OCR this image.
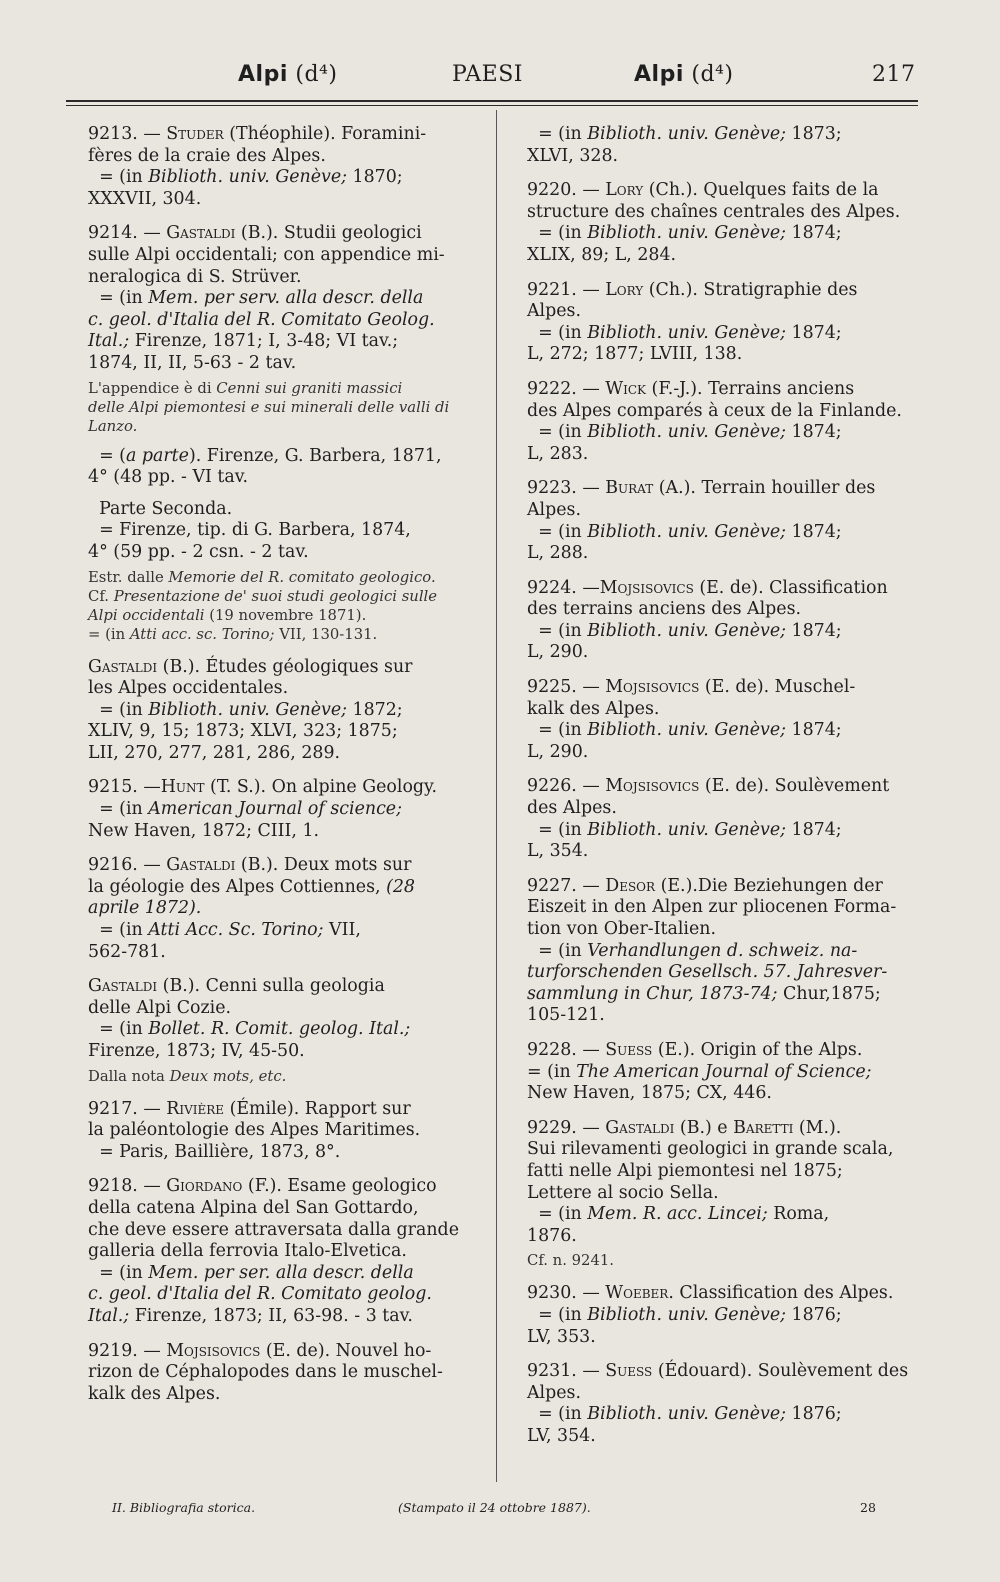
Alpi (d⁴)	PAESI	Alpi (d⁴)	217

9213. — Studer (Théophile). Foramini-

fères de la craie des Alpes.

= (in Biblioth. univ. Genève; 1870;

XXXVII, 304.

9214. — Gastaldi (B.). Studii geologici

sulle Alpi occidentali; con appendice mi-

neralogica di S. Strüver.

= (in Mem. per serv. alla descr. della

c. geol. d'Italia del R. Comitato Geolog.

Ital.; Firenze, 1871; I, 3-48; VI tav.;

1874, II, II, 5-63 - 2 tav.

L'appendice è di Cenni sui graniti massici

delle Alpi piemontesi e sui minerali delle valli di

Lanzo.

= (a parte). Firenze, G. Barbera, 1871,

4° (48 pp. - VI tav.

Parte Seconda.

= Firenze, tip. di G. Barbera, 1874,

4° (59 pp. - 2 csn. - 2 tav.

Estr. dalle Memorie del R. comitato geologico.

Cf. Presentazione de' suoi studi geologici sulle

Alpi occidentali (19 novembre 1871).

= (in Atti acc. sc. Torino; VII, 130-131.

Gastaldi (B.). Études géologiques sur

les Alpes occidentales.

= (in Biblioth. univ. Genève; 1872;

XLIV, 9, 15; 1873; XLVI, 323; 1875;

LII, 270, 277, 281, 286, 289.

9215. —Hunt (T. S.). On alpine Geology.

= (in American Journal of science;

New Haven, 1872; CIII, 1.

9216. — Gastaldi (B.). Deux mots sur

la géologie des Alpes Cottiennes, (28

aprile 1872).

= (in Atti Acc. Sc. Torino; VII,

562-781.

Gastaldi (B.). Cenni sulla geologia

delle Alpi Cozie.

= (in Bollet. R. Comit. geolog. Ital.;

Firenze, 1873; IV, 45-50.

Dalla nota Deux mots, etc.

9217. — Rivière (Émile). Rapport sur

la paléontologie des Alpes Maritimes.

= Paris, Baillière, 1873, 8°.

9218. — Giordano (F.). Esame geologico

della catena Alpina del San Gottardo,

che deve essere attraversata dalla grande

galleria della ferrovia Italo-Elvetica.

= (in Mem. per ser. alla descr. della

c. geol. d'Italia del R. Comitato geolog.

Ital.; Firenze, 1873; II, 63-98. - 3 tav.

9219. — Mojsisovics (E. de). Nouvel ho-

rizon de Céphalopodes dans le muschel-

kalk des Alpes.

= (in Biblioth. univ. Genève; 1873;

XLVI, 328.

9220. — Lory (Ch.). Quelques faits de la

structure des chaînes centrales des Alpes.

= (in Biblioth. univ. Genève; 1874;

XLIX, 89; L, 284.

9221. — Lory (Ch.). Stratigraphie des

Alpes.

= (in Biblioth. univ. Genève; 1874;

L, 272; 1877; LVIII, 138.

9222. — Wick (F.-J.). Terrains anciens

des Alpes comparés à ceux de la Finlande.

= (in Biblioth. univ. Genève; 1874;

L, 283.

9223. — Burat (A.). Terrain houiller des

Alpes.

= (in Biblioth. univ. Genève; 1874;

L, 288.

9224. —Mojsisovics (E. de). Classification

des terrains anciens des Alpes.

= (in Biblioth. univ. Genève; 1874;

L, 290.

9225. — Mojsisovics (E. de). Muschel-

kalk des Alpes.

= (in Biblioth. univ. Genève; 1874;

L, 290.

9226. — Mojsisovics (E. de). Soulèvement

des Alpes.

= (in Biblioth. univ. Genève; 1874;

L, 354.

9227. — Desor (E.).Die Beziehungen der

Eiszeit in den Alpen zur pliocenen Forma-

tion von Ober-Italien.

= (in Verhandlungen d. schweiz. na-

turforschenden Gesellsch. 57. Jahresver-

sammlung in Chur, 1873-74; Chur,1875;

105-121.

9228. — Suess (E.). Origin of the Alps.

= (in The American Journal of Science;

New Haven, 1875; CX, 446.

9229. — Gastaldi (B.) e Baretti (M.).

Sui rilevamenti geologici in grande scala,

fatti nelle Alpi piemontesi nel 1875;

Lettere al socio Sella.

= (in Mem. R. acc. Lincei; Roma,

1876.

Cf. n. 9241.

9230. — Woeber. Classification des Alpes.

= (in Biblioth. univ. Genève; 1876;

LV, 353.

9231. — Suess (Édouard). Soulèvement des

Alpes.

= (in Biblioth. univ. Genève; 1876;

LV, 354.

II. Bibliografia storica.	(Stampato il 24 ottobre 1887).	28
